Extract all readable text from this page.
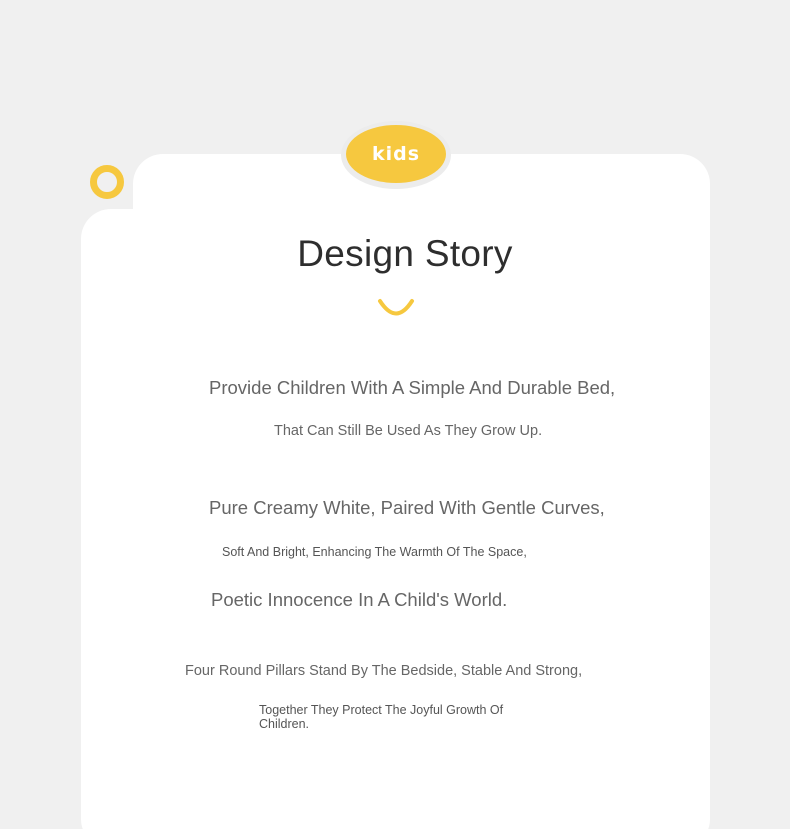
kids
Design Story
Provide Children With A Simple And Durable Bed,
That Can Still Be Used As They Grow Up.
Pure Creamy White, Paired With Gentle Curves,
Soft And Bright, Enhancing The Warmth Of The Space,
Poetic Innocence In A Child's World.
Four Round Pillars Stand By The Bedside, Stable And Strong,
Together They Protect The Joyful Growth Of Children.
